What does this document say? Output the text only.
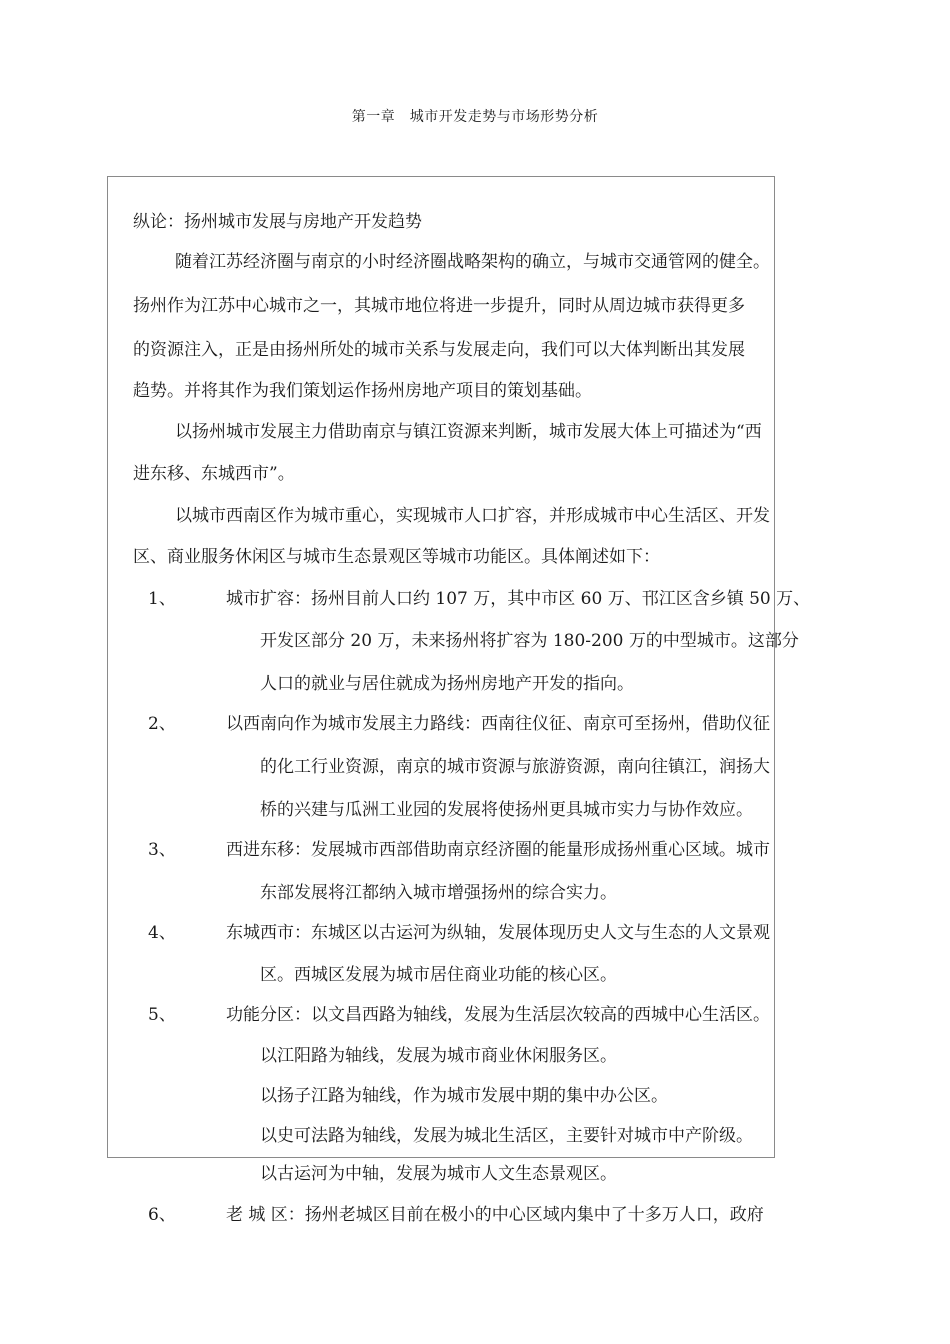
第一章　城市开发走势与市场形势分析
纵论：扬州城市发展与房地产开发趋势
随着江苏经济圈与南京的小时经济圈战略架构的确立，与城市交通管网的健全。
扬州作为江苏中心城市之一，其城市地位将进一步提升，同时从周边城市获得更多
的资源注入，正是由扬州所处的城市关系与发展走向，我们可以大体判断出其发展
趋势。并将其作为我们策划运作扬州房地产项目的策划基础。
以扬州城市发展主力借助南京与镇江资源来判断，城市发展大体上可描述为“西
进东移、东城西市”。
以城市西南区作为城市重心，实现城市人口扩容，并形成城市中心生活区、开发
区、商业服务休闲区与城市生态景观区等城市功能区。具体阐述如下：
1、	城市扩容：扬州目前人口约 107 万，其中市区 60 万、邗江区含乡镇 50 万、
开发区部分 20 万，未来扬州将扩容为 180-200 万的中型城市。这部分
人口的就业与居住就成为扬州房地产开发的指向。
2、	以西南向作为城市发展主力路线：西南往仪征、南京可至扬州，借助仪征
的化工行业资源，南京的城市资源与旅游资源，南向往镇江，润扬大
桥的兴建与瓜洲工业园的发展将使扬州更具城市实力与协作效应。
3、	西进东移：发展城市西部借助南京经济圈的能量形成扬州重心区域。城市
东部发展将江都纳入城市增强扬州的综合实力。
4、	东城西市：东城区以古运河为纵轴，发展体现历史人文与生态的人文景观
区。西城区发展为城市居住商业功能的核心区。
5、	功能分区：以文昌西路为轴线，发展为生活层次较高的西城中心生活区。
以江阳路为轴线，发展为城市商业休闲服务区。
以扬子江路为轴线，作为城市发展中期的集中办公区。
以史可法路为轴线，发展为城北生活区，主要针对城市中产阶级。
以古运河为中轴，发展为城市人文生态景观区。
6、	老 城 区：扬州老城区目前在极小的中心区域内集中了十多万人口，政府
